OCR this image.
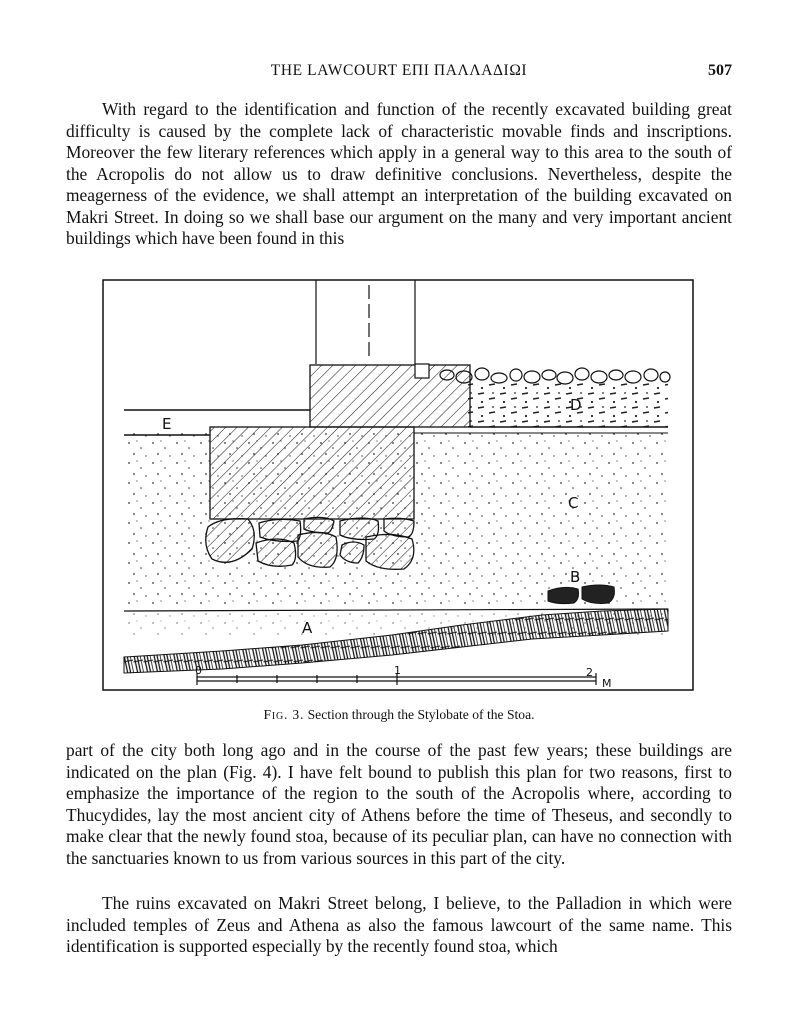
THE LAWCOURT ΕΠΙ ΠΑΛΛΑΔΙΩΙ	507

With regard to the identification and function of the recently excavated building great difficulty is caused by the complete lack of characteristic movable finds and inscriptions. Moreover the few literary references which apply in a general way to this area to the south of the Acropolis do not allow us to draw definitive conclusions. Nevertheless, despite the meagerness of the evidence, we shall attempt an interpretation of the building excavated on Makri Street. In doing so we shall base our argument on the many and very important ancient buildings which have been found in this

E
D
C
B
A
0	1	2
M
Fig. 3. Section through the Stylobate of the Stoa.

part of the city both long ago and in the course of the past few years; these buildings are indicated on the plan (Fig. 4). I have felt bound to publish this plan for two reasons, first to emphasize the importance of the region to the south of the Acropolis where, according to Thucydides, lay the most ancient city of Athens before the time of Theseus, and secondly to make clear that the newly found stoa, because of its peculiar plan, can have no connection with the sanctuaries known to us from various sources in this part of the city.

The ruins excavated on Makri Street belong, I believe, to the Palladion in which were included temples of Zeus and Athena as also the famous lawcourt of the same name. This identification is supported especially by the recently found stoa, which
